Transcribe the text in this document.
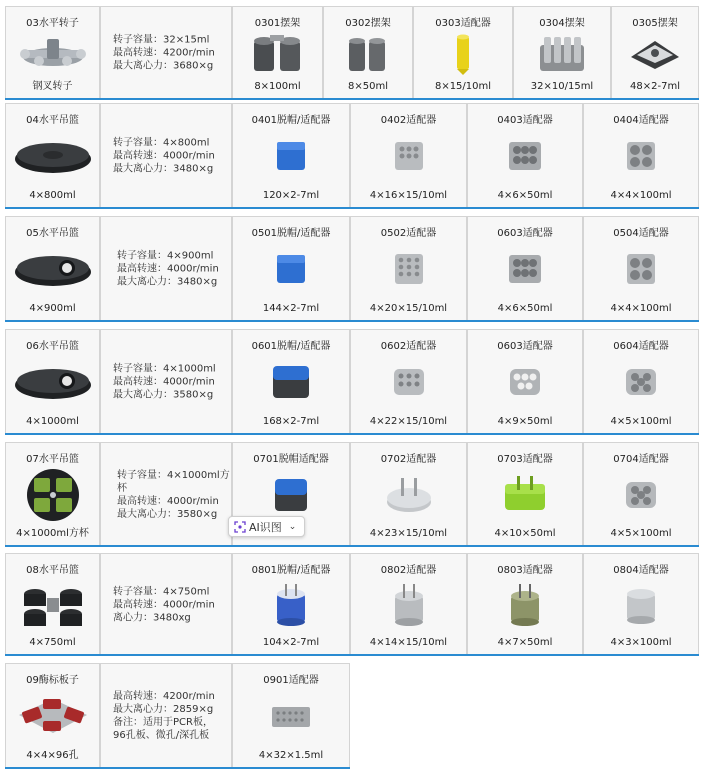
03水平转子
钢叉转子
转子容量：32×15ml
最高转速：4200r/min
最大离心力：3680×g
0301摆架
8×100ml
0302摆架
8×50ml
0303适配器
8×15/10ml
0304摆架
32×10/15ml
0305摆架
48×2-7ml
04水平吊篮
4×800ml
转子容量：4×800ml
最高转速：4000r/min
最大离心力：3480×g
0401脱帽/适配器
120×2-7ml
0402适配器
4×16×15/10ml
0403适配器
4×6×50ml
0404适配器
4×4×100ml
05水平吊篮
4×900ml
转子容量：4×900ml
最高转速：4000r/min
最大离心力：3480×g
0501脱帽/适配器
144×2-7ml
0502适配器
4×20×15/10ml
0603适配器
4×6×50ml
0504适配器
4×4×100ml
06水平吊篮
4×1000ml
转子容量：4×1000ml
最高转速：4000r/min
最大离心力：3580×g
0601脱帽/适配器
168×2-7ml
0602适配器
4×22×15/10ml
0603适配器
4×9×50ml
0604适配器
4×5×100ml
07水平吊篮
4×1000ml方杯
转子容量：4×1000ml方杯
最高转速：4000r/min
最大离心力：3580×g
0701脱帽适配器	0702适配器
4×23×15/10ml
0703适配器
4×10×50ml
0704适配器
4×5×100ml
08水平吊篮
4×750ml
转子容量：4×750ml
最高转速：4000r/min
离心力：3480xg
0801脱帽/适配器
104×2-7ml
0802适配器
4×14×15/10ml
0803适配器
4×7×50ml
0804适配器
4×3×100ml
09酶标板子
4×4×96孔
最高转速：4200r/min
最大离心力：2859×g
备注：适用于PCR板，
96孔板、微孔/深孔板
0901适配器
4×32×1.5ml
AI识图 ⌄
